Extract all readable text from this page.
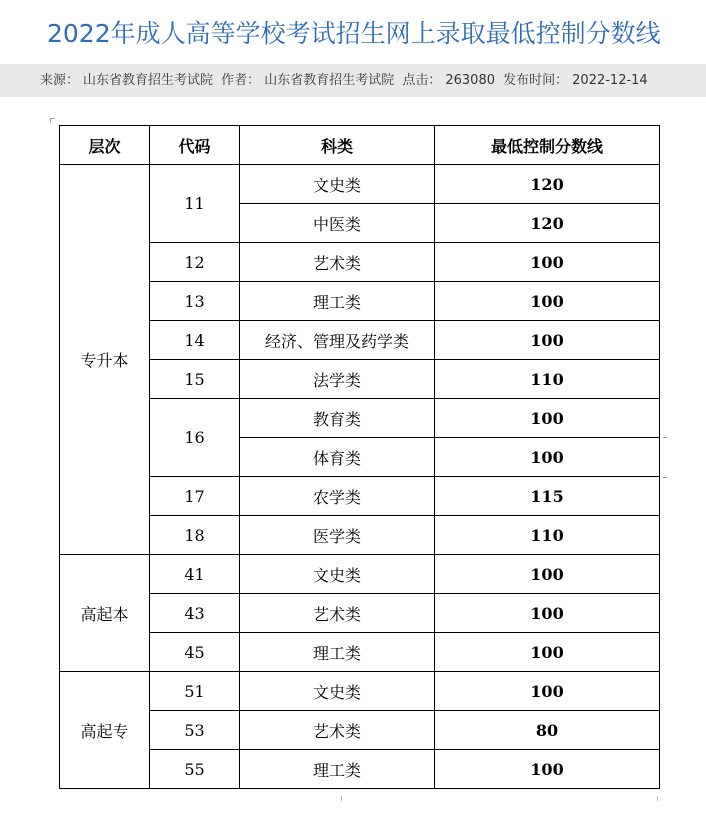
2022年成人高等学校考试招生网上录取最低控制分数线
来源： 山东省教育招生考试院 作者： 山东省教育招生考试院 点击： 263080 发布时间： 2022-12-14
层次	代码	科类	最低控制分数线
专升本	11	文史类	120
		中医类	120
	12	艺术类	100
	13	理工类	100
	14	经济、管理及药学类	100
	15	法学类	110
	16	教育类	100
		体育类	100
	17	农学类	115
	18	医学类	110
高起本	41	文史类	100
	43	艺术类	100
	45	理工类	100
高起专	51	文史类	100
	53	艺术类	80
	55	理工类	100
